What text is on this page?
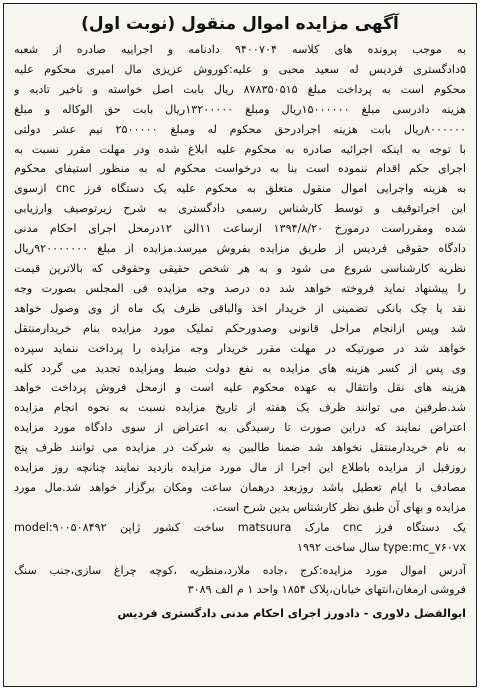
آگهی مزایده اموال منقول (نوبت اول)
به موجب پرونده های کلاسه ۹۴۰۰۷۰۴ دادنامه و اجراییه صادره از شعبه
۵دادگستری فردیس له سعید محبی و علیه:کوروش عزیزی مال امیری محکوم علیه
محکوم است به پرداخت مبلغ ۸۷۸۳۵۰۵۱۵ ریال بابت اصل خواسته و تاخیر تادیه و
هزینه دادرسی مبلغ ۱۵۰۰۰۰۰۰ریال ومبلغ ۱۳۲۰۰۰۰۰ریال بابت حق الوکاله و مبلغ
۸۰۰۰۰۰۰ریال بابت هزینه اجرادرحق محکوم له ومبلغ ۲۵۰۰۰۰۰ نیم عشر دولتی
با توجه به اینکه اجرائیه صادره به محکوم علیه ابلاغ شده ودر مهلت مقرر نسبت به
اجرای حکم اقدام ننموده است بنا به درخواست محکوم له به منظور استیفای محکوم
به هزینه واجرایی اموال منقول متعلق به محکوم علیه یک دستگاه فرز cnc ازسوی
این اجراتوقیف و توسط کارشناس رسمی دادگستری به شرح زیرتوصیف وارزیابی
شده ومقرراست درمورخ ۱۳۹۴/۸/۲۰ ازساعت ۱۱الی ۱۲درمحل اجرای احکام مدنی
دادگاه حقوقی فردیس از طریق مزایده بفروش میرسد.مزایده از مبلغ ۹۲۰۰۰۰۰۰۰ریال
نظریه کارشناسی شروع می شود و به هر شخص حقیقی وحقوقی که بالاترین قیمت
را پیشنهاد نماید فروخته خواهد شد ده درصد وجه مزایده فی المجلس بصورت وجه
نقد یا چک بانکی تضمینی از خریدار اخذ والباقی ظرف یک ماه از وی وصول خواهد
شد وپس ازانجام مراحل قانونی وصدورحکم تملیک مورد مزایده بنام خریدارمنتقل
خواهد شد در صورتیکه در مهلت مقرر خریدار وجه مزایده را پرداخت ننماید سپرده
وی پس از کسر هزینه های مزایده به نفع دولت ضبط ومزایده تجدید می گردد کلیه
هزینه های نقل وانتقال به عهده محکوم علیه است و ازمحل فروش پرداخت خواهد
شد.طرفین می توانند ظرف یک هفته از تاریخ مزایده نسبت به نحوه انجام مزایده
اعتراض نمایند که دراین صورت تا رسیدگی به اعتراض از سوی دادگاه مورد مزایده
به نام خریدارمنتقل نخواهد شد ضمنا طالبین به شرکت در مزایده می توانند ظرف پنج
روزقبل از مزایده باطلاع این اجرا از مال مورد مزایده بازدید نمایند چنانچه روز مزایده
مصادف با ایام تعطیل باشد روزبعد درهمان ساعت ومکان برگزار خواهد شد.مال مورد
مزایده و بهای آن طبق نظر کارشناس بدین شرح است.
یک دستگاه فرز cnc مارک matsuura ساخت کشور ژاپن model:۹۰۰۵۰۸۴۹۲
type:mc_۷۶۰vx سال ساخت ۱۹۹۲
آدرس اموال مورد مزایده:کرج ،جاده ملارد،منظریه ،کوچه چراغ سازی،جنب سنگ
فروشی ارمغان،انتهای خیابان،پلاک ۱۸۵۴ واحد ۱ م الف ۳۰۸۹
ابوالفضل دلاوری - دادورز اجرای احکام مدنی دادگستری فردیس
